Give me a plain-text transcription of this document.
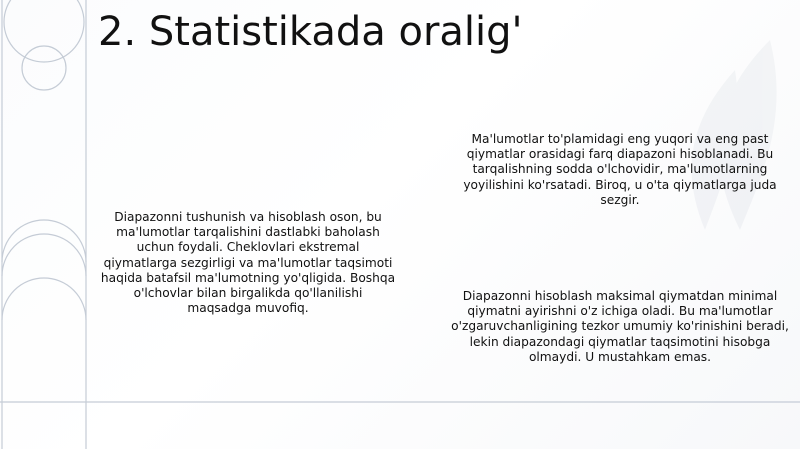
2. Statistikada oralig'

Diapazonni tushunish va hisoblash oson, bu ma'lumotlar tarqalishini dastlabki baholash uchun foydali. Cheklovlari ekstremal qiymatlarga sezgirligi va ma'lumotlar taqsimoti haqida batafsil ma'lumotning yo'qligida. Boshqa o'lchovlar bilan birgalikda qo'llanilishi maqsadga muvofiq.

Ma'lumotlar to'plamidagi eng yuqori va eng past qiymatlar orasidagi farq diapazoni hisoblanadi. Bu tarqalishning sodda o'lchovidir, ma'lumotlarning yoyilishini ko'rsatadi. Biroq, u o'ta qiymatlarga juda sezgir.

Diapazonni hisoblash maksimal qiymatdan minimal qiymatni ayirishni o'z ichiga oladi. Bu ma'lumotlar o'zgaruvchanligining tezkor umumiy ko'rinishini beradi, lekin diapazondagi qiymatlar taqsimotini hisobga olmaydi. U mustahkam emas.
